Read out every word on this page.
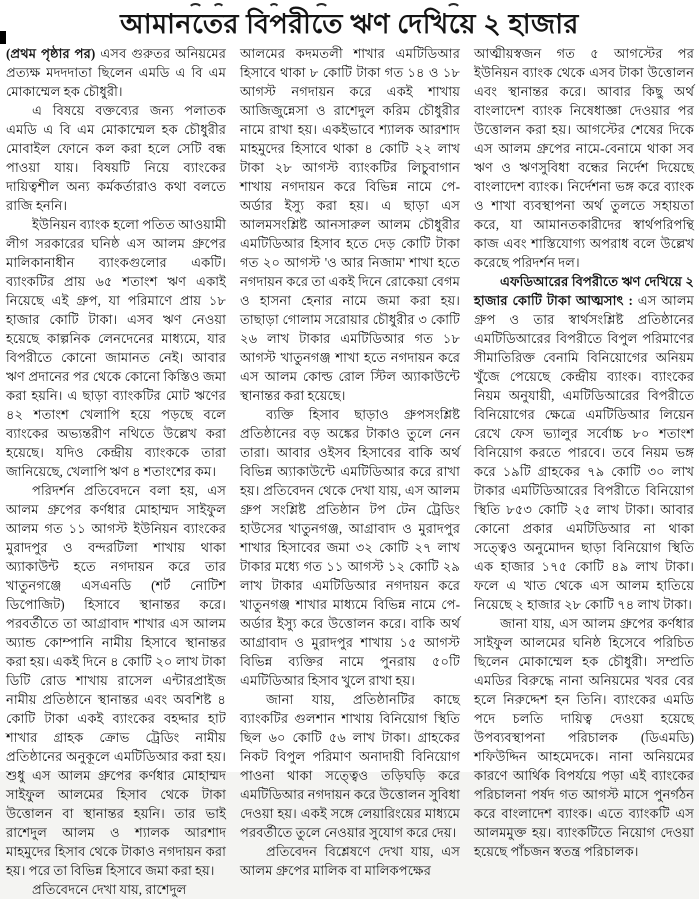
আমানতের বিপরীতে ঋণ দেখিয়ে ২ হাজার

(প্রথম পৃষ্ঠার পর) এসব গুরুতর অনিয়মের প্রত্যক্ষ মদদদাতা ছিলেন এমডি এ বি এম মোকাম্মেল হক চৌধুরী।

এ বিষয়ে বক্তব্যের জন্য পলাতক এমডি এ বি এম মোকাম্মেল হক চৌধুরীর মোবাইল ফোনে কল করা হলে সেটি বন্ধ পাওয়া যায়। বিষয়টি নিয়ে ব্যাংকের দায়িত্বশীল অন্য কর্মকর্তারাও কথা বলতে রাজি হননি।

ইউনিয়ন ব্যাংক হলো পতিত আওয়ামী লীগ সরকারের ঘনিষ্ঠ এস আলম গ্রুপের মালিকানাধীন ব্যাংকগুলোর একটি। ব্যাংকটির প্রায় ৬৫ শতাংশ ঋণ একাই নিয়েছে এই গ্রুপ, যা পরিমাণে প্রায় ১৮ হাজার কোটি টাকা। এসব ঋণ নেওয়া হয়েছে কাল্পনিক লেনদেনের মাধ্যমে, যার বিপরীতে কোনো জামানত নেই। আবার ঋণ প্রদানের পর থেকে কোনো কিস্তিও জমা করা হয়নি। এ ছাড়া ব্যাংকটির মোট ঋণের ৪২ শতাংশ খেলাপি হয়ে পড়ছে বলে ব্যাংকের অভ্যন্তরীণ নথিতে উল্লেখ করা হয়েছে। যদিও কেন্দ্রীয় ব্যাংককে তারা জানিয়েছে, খেলাপি ঋণ ৪ শতাংশের কম।

পরিদর্শন প্রতিবেদনে বলা হয়, এস আলম গ্রুপের কর্ণধার মোহাম্মদ সাইফুল আলম গত ১১ আগস্ট ইউনিয়ন ব্যাংকের মুরাদপুর ও বন্দরটিলা শাখায় থাকা অ্যাকাউন্ট হতে নগদায়ন করে তার খাতুনগঞ্জে এসএনডি (শর্ট নোটিশ ডিপোজিট) হিসাবে স্থানান্তর করে। পরবর্তীতে তা আগ্রাবাদ শাখার এস আলম অ্যান্ড কোম্পানি নামীয় হিসাবে স্থানান্তর করা হয়। একই দিনে ৪ কোটি ২০ লাখ টাকা ডিটি রোড শাখায় রাসেল এন্টারপ্রাইজ নামীয় প্রতিষ্ঠানে স্থানান্তর এবং অবশিষ্ট ৪ কোটি টাকা একই ব্যাংকের বহদ্দার হাট শাখার গ্রাহক ক্রোভ ট্রেডিং নামীয় প্রতিষ্ঠানের অনুকূলে এমটিডিআর করা হয়। শুধু এস আলম গ্রুপের কর্ণধার মোহাম্মদ সাইফুল আলমের হিসাব থেকে টাকা উত্তোলন বা স্থানান্তর হয়নি। তার ভাই রাশেদুল আলম ও শ্যালক আরশাদ মাহমুদের হিসাব থেকে টাকাও নগদায়ন করা হয়। পরে তা বিভিন্ন হিসাবে জমা করা হয়।

প্রতিবেদনে দেখা যায়, রাশেদুল

আলমের কদমতলী শাখার এমটিডিআর হিসাবে থাকা ৮ কোটি টাকা গত ১৪ ও ১৮ আগস্ট নগদায়ন করে একই শাখায় আজিজুন্নেসা ও রাশেদুল করিম চৌধুরীর নামে রাখা হয়। একইভাবে শ্যালক আরশাদ মাহমুদের হিসাবে থাকা ৪ কোটি ২২ লাখ টাকা ২৮ আগস্ট ব্যাংকটির লিচুবাগান শাখায় নগদায়ন করে বিভিন্ন নামে পে-অর্ডার ইস্যু করা হয়। এ ছাড়া এস আলমসংশ্লিষ্ট আনসারুল আলম চৌধুরীর এমটিডিআর হিসাব হতে দেড় কোটি টাকা গত ২০ আগস্ট 'ও আর নিজাম' শাখা হতে নগদায়ন করে তা একই দিনে রোকেয়া বেগম ও হাসনা হেনার নামে জমা করা হয়। তাছাড়া গোলাম সরোয়ার চৌধুরীর ৩ কোটি ২৬ লাখ টাকার এমটিডিআর গত ১৮ আগস্ট খাতুনগঞ্জ শাখা হতে নগদায়ন করে এস আলম কোল্ড রোল স্টিল অ্যাকাউন্টে স্থানান্তর করা হয়েছে।

ব্যক্তি হিসাব ছাড়াও গ্রুপসংশ্লিষ্ট প্রতিষ্ঠানের বড় অঙ্কের টাকাও তুলে নেন তারা। আবার ওইসব হিসাবের বাকি অর্থ বিভিন্ন অ্যাকাউন্টে এমটিডিআর করে রাখা হয়। প্রতিবেদন থেকে দেখা যায়, এস আলম গ্রুপ সংশ্লিষ্ট প্রতিষ্ঠান টপ টেন ট্রেডিং হাউসের খাতুনগঞ্জ, আগ্রাবাদ ও মুরাদপুর শাখার হিসাবের জমা ৩২ কোটি ২৭ লাখ টাকার মধ্যে গত ১১ আগস্ট ১২ কোটি ২৯ লাখ টাকার এমটিডিআর নগদায়ন করে খাতুনগঞ্জ শাখার মাধ্যমে বিভিন্ন নামে পে-অর্ডার ইস্যু করে উত্তোলন করে। বাকি অর্থ আগ্রাবাদ ও মুরাদপুর শাখায় ১৫ আগস্ট বিভিন্ন ব্যক্তির নামে পুনরায় ৫০টি এমটিডিআর হিসাব খুলে রাখা হয়।

জানা যায়, প্রতিষ্ঠানটির কাছে ব্যাংকটির গুলশান শাখায় বিনিয়োগ স্থিতি ছিল ৬০ কোটি ৫৬ লাখ টাকা। গ্রাহকের নিকট বিপুল পরিমাণ অনাদায়ী বিনিয়োগ পাওনা থাকা সত্ত্বেও তড়িঘড়ি করে এমটিডিআর নগদায়ন করে উত্তোলন সুবিধা দেওয়া হয়। একই সঙ্গে লেয়ারিংয়ের মাধ্যমে পরবর্তীতে তুলে নেওয়ার সুযোগ করে দেয়।

প্রতিবেদন বিশ্লেষণে দেখা যায়, এস আলম গ্রুপের মালিক বা মালিকপক্ষের

আত্মীয়স্বজন গত ৫ আগস্টের পর ইউনিয়ন ব্যাংক থেকে এসব টাকা উত্তোলন এবং স্থানান্তর করে। আবার কিছু অর্থ বাংলাদেশ ব্যাংক নিষেধাজ্ঞা দেওয়ার পর উত্তোলন করা হয়। আগস্টের শেষের দিকে এস আলম গ্রুপের নামে-বেনামে থাকা সব ঋণ ও ঋণসুবিধা বন্ধের নির্দেশ দিয়েছে বাংলাদেশ ব্যাংক। নির্দেশনা ভঙ্গ করে ব্যাংক ও শাখা ব্যবস্থাপনা অর্থ তুলতে সহায়তা করে, যা আমানতকারীদের স্বার্থপরিপন্থি কাজ এবং শাস্তিযোগ্য অপরাধ বলে উল্লেখ করেছে পরিদর্শন দল।

এফডিআরের বিপরীতে ঋণ দেখিয়ে ২ হাজার কোটি টাকা আত্মসাৎ : এস আলম গ্রুপ ও তার স্বার্থসংশ্লিষ্ট প্রতিষ্ঠানের এমটিডিআরের বিপরীতে বিপুল পরিমাণের সীমাতিরিক্ত বেনামি বিনিয়োগের অনিয়ম খুঁজে পেয়েছে কেন্দ্রীয় ব্যাংক। ব্যাংকের নিয়ম অনুযায়ী, এমটিডিআরের বিপরীতে বিনিয়োগের ক্ষেত্রে এমটিডিআর লিয়েন রেখে ফেস ভ্যালুর সর্বোচ্চ ৮০ শতাংশ বিনিয়োগ করতে পারবে। তবে নিয়ম ভঙ্গ করে ১৯টি গ্রাহকের ৭৯ কোটি ৩০ লাখ টাকার এমটিডিআরের বিপরীতে বিনিয়োগ স্থিতি ৮৫৩ কোটি ২৫ লাখ টাকা। আবার কোনো প্রকার এমটিডিআর না থাকা সত্ত্বেও অনুমোদন ছাড়া বিনিয়োগ স্থিতি এক হাজার ১৭৫ কোটি ৪৯ লাখ টাকা। ফলে এ খাত থেকে এস আলম হাতিয়ে নিয়েছে ২ হাজার ২৮ কোটি ৭৪ লাখ টাকা।

জানা যায়, এস আলম গ্রুপের কর্ণধার সাইফুল আলমের ঘনিষ্ঠ হিসেবে পরিচিত ছিলেন মোকাম্মেল হক চৌধুরী। সম্প্রতি এমডির বিরুদ্ধে নানা অনিয়মের খবর বের হলে নিরুদ্দেশ হন তিনি। ব্যাংকের এমডি পদে চলতি দায়িত্ব দেওয়া হয়েছে উপব্যবস্থাপনা পরিচালক (ডিএমডি) শফিউদ্দিন আহমেদকে। নানা অনিয়মের কারণে আর্থিক বিপর্যয়ে পড়া এই ব্যাংকের পরিচালনা পর্ষদ গত আগস্ট মাসে পুনর্গঠন করে বাংলাদেশ ব্যাংক। এতে ব্যাংকটি এস আলমমুক্ত হয়। ব্যাংকটিতে নিয়োগ দেওয়া হয়েছে পাঁচজন স্বতন্ত্র পরিচালক।
